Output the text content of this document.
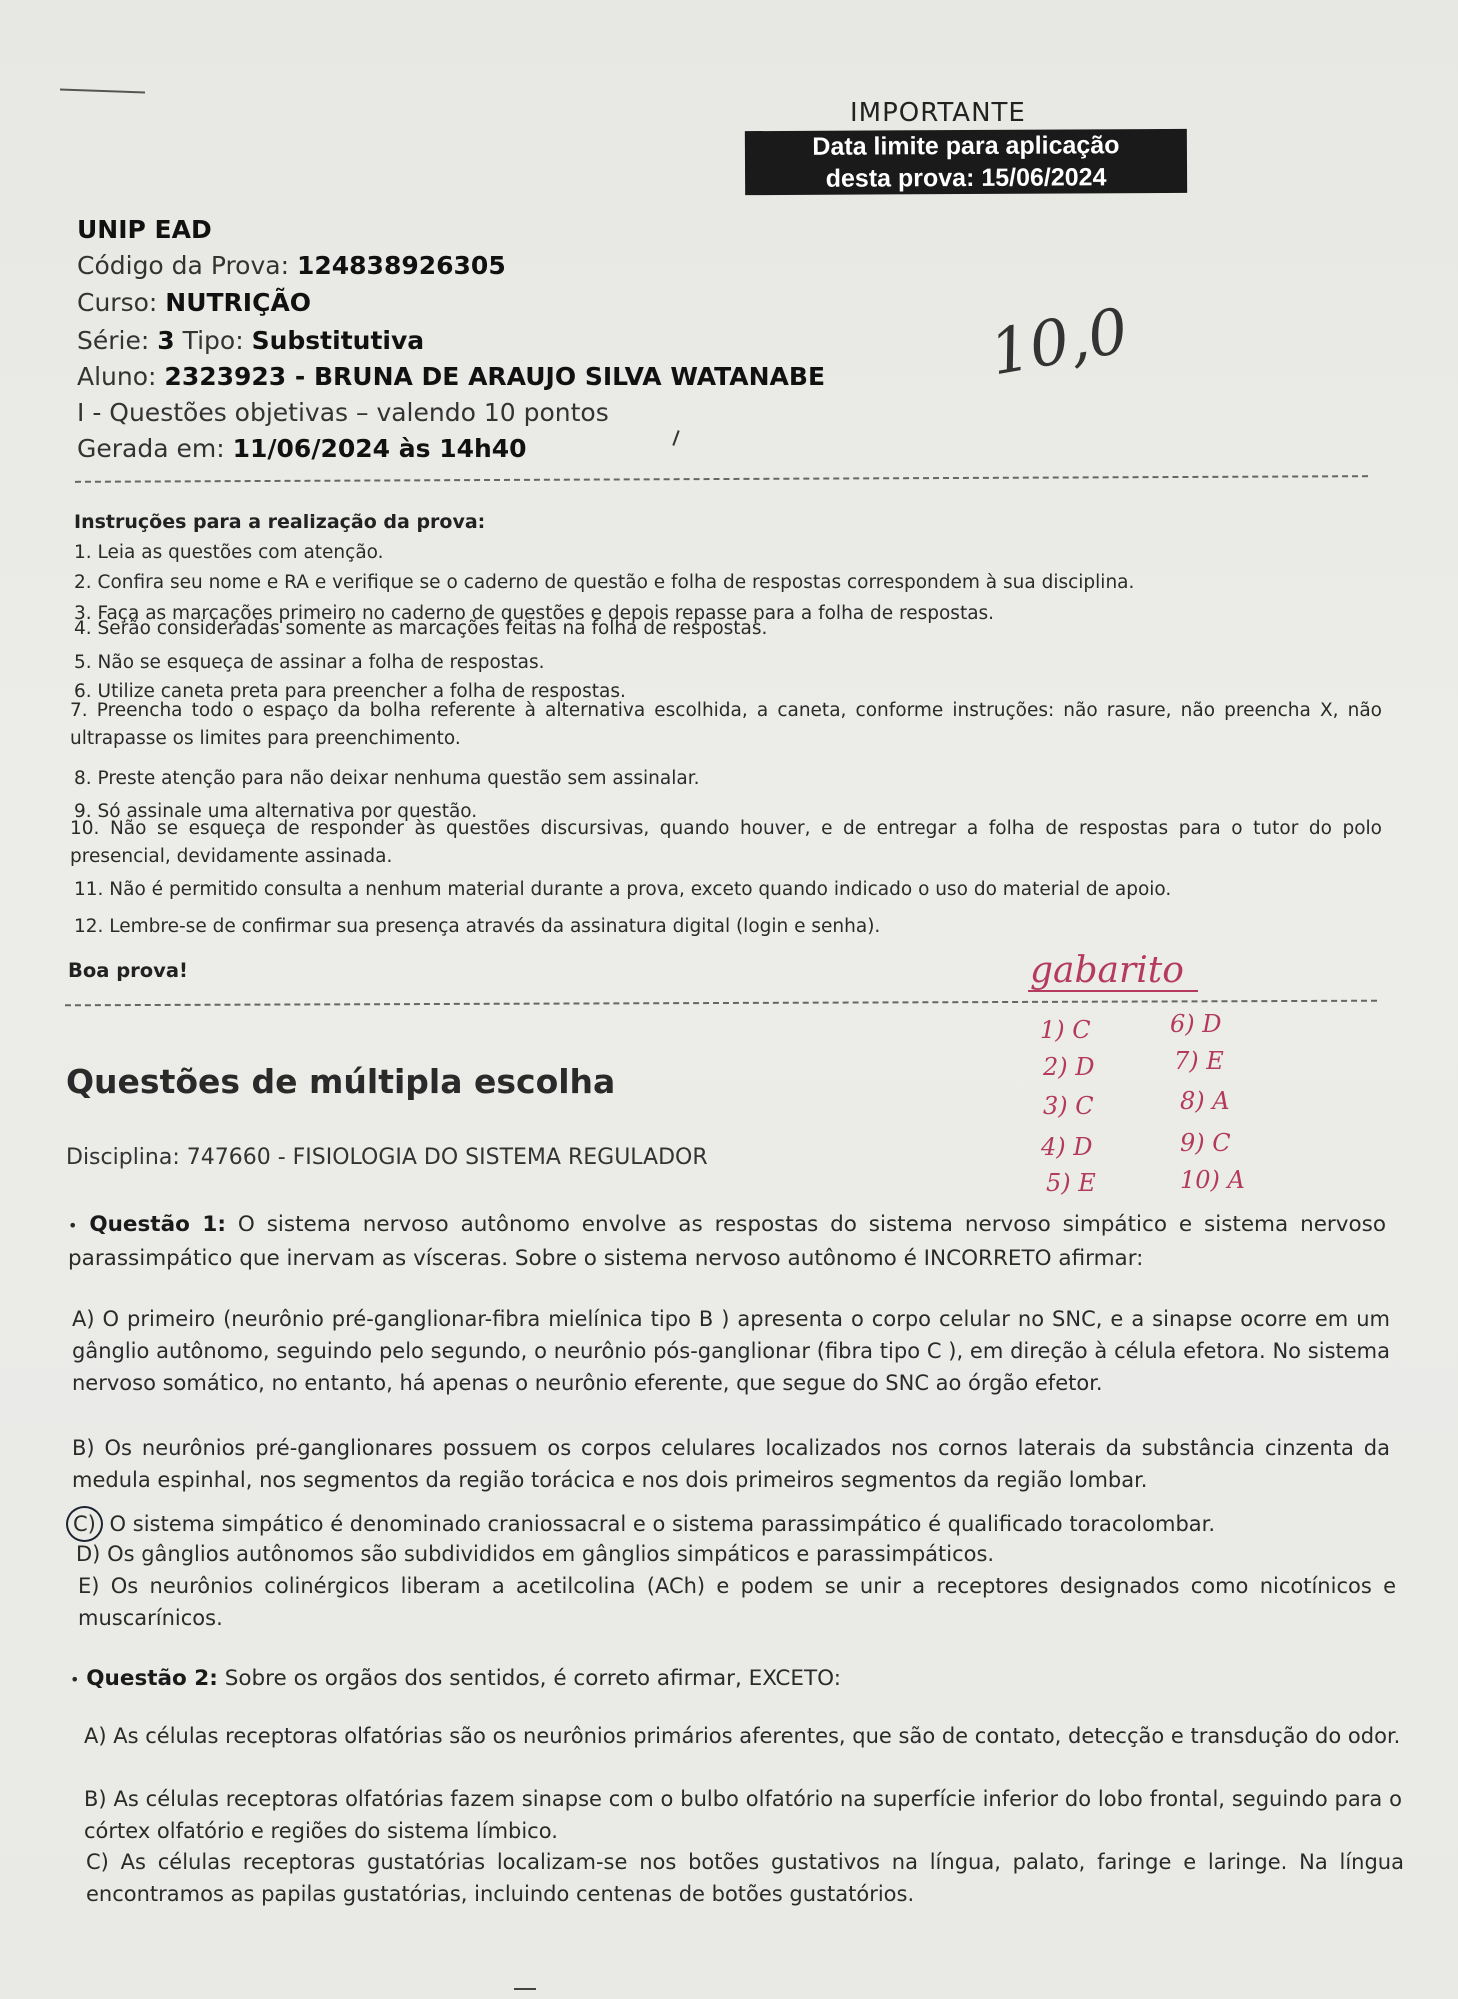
IMPORTANTE
Data limite para aplicação
desta prova: 15/06/2024
UNIP EAD
Código da Prova: 124838926305
Curso: NUTRIÇÃO
Série: 3 Tipo: Substitutiva
Aluno: 2323923 - BRUNA DE ARAUJO SILVA WATANABE
I - Questões objetivas – valendo 10 pontos
Gerada em: 11/06/2024 às 14h40
10,0
Instruções para a realização da prova:
1. Leia as questões com atenção.
2. Confira seu nome e RA e verifique se o caderno de questão e folha de respostas correspondem à sua disciplina.
3. Faça as marcações primeiro no caderno de questões e depois repasse para a folha de respostas.
4. Serão consideradas somente as marcações feitas na folha de respostas.
5. Não se esqueça de assinar a folha de respostas.
6. Utilize caneta preta para preencher a folha de respostas.
7. Preencha todo o espaço da bolha referente à alternativa escolhida, a caneta, conforme instruções: não rasure, não preencha X, não ultrapasse os limites para preenchimento.
8. Preste atenção para não deixar nenhuma questão sem assinalar.
9. Só assinale uma alternativa por questão.
10. Não se esqueça de responder às questões discursivas, quando houver, e de entregar a folha de respostas para o tutor do polo presencial, devidamente assinada.
11. Não é permitido consulta a nenhum material durante a prova, exceto quando indicado o uso do material de apoio.
12. Lembre-se de confirmar sua presença através da assinatura digital (login e senha).
Boa prova!	gabarito
1) C
2) D
3) C
4) D
5) E
6) D
7) E
8) A
9) C
10) A
Questões de múltipla escolha
Disciplina: 747660 - FISIOLOGIA DO SISTEMA REGULADOR
• Questão 1: O sistema nervoso autônomo envolve as respostas do sistema nervoso simpático e sistema nervoso parassimpático que inervam as vísceras. Sobre o sistema nervoso autônomo é INCORRETO afirmar:
A) O primeiro (neurônio pré-ganglionar-fibra mielínica tipo B ) apresenta o corpo celular no SNC, e a sinapse ocorre em um gânglio autônomo, seguindo pelo segundo, o neurônio pós-ganglionar (fibra tipo C ), em direção à célula efetora. No sistema nervoso somático, no entanto, há apenas o neurônio eferente, que segue do SNC ao órgão efetor.
B) Os neurônios pré-ganglionares possuem os corpos celulares localizados nos cornos laterais da substância cinzenta da medula espinhal, nos segmentos da região torácica e nos dois primeiros segmentos da região lombar.
C) O sistema simpático é denominado craniossacral e o sistema parassimpático é qualificado toracolombar.
D) Os gânglios autônomos são subdivididos em gânglios simpáticos e parassimpáticos.
E) Os neurônios colinérgicos liberam a acetilcolina (ACh) e podem se unir a receptores designados como nicotínicos e muscarínicos.
• Questão 2: Sobre os orgãos dos sentidos, é correto afirmar, EXCETO:
A) As células receptoras olfatórias são os neurônios primários aferentes, que são de contato, detecção e transdução do odor.
B) As células receptoras olfatórias fazem sinapse com o bulbo olfatório na superfície inferior do lobo frontal, seguindo para o córtex olfatório e regiões do sistema límbico.
C) As células receptoras gustatórias localizam-se nos botões gustativos na língua, palato, faringe e laringe. Na língua encontramos as papilas gustatórias, incluindo centenas de botões gustatórios.
